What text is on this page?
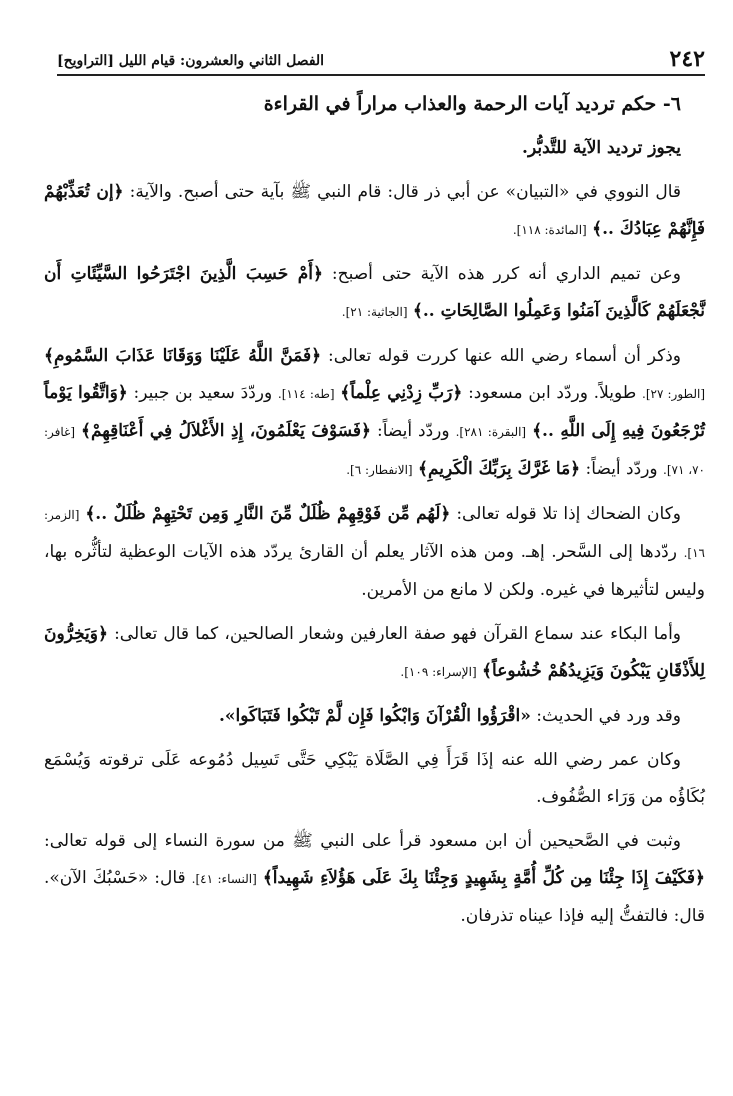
٢٤٢
الفصل الثاني والعشرون: قيام الليل [التراويح]

٦- حكم ترديد آيات الرحمة والعذاب مراراً في القراءة

يجوز ترديد الآية للتَّدبُّر.

قال النووي في «التبيان» عن أبي ذر قال: قام النبي ﷺ بآية حتى أصبح. والآية: ﴿إن تُعَذِّبْهُمْ فَإِنَّهُمْ عِبَادُكَ ..﴾ [المائدة: ١١٨].

وعن تميم الداري أنه كرر هذه الآية حتى أصبح: ﴿أَمْ حَسِبَ الَّذِينَ اجْتَرَحُوا السَّيِّئَاتِ أَن نَّجْعَلَهُمْ كَالَّذِينَ آمَنُوا وَعَمِلُوا الصَّالِحَاتِ ..﴾ [الجاثية: ٢١].

وذكر أن أسماء رضي الله عنها كررت قوله تعالى: ﴿فَمَنَّ اللَّهُ عَلَيْنَا وَوَقَانَا عَذَابَ السَّمُومِ﴾ [الطور: ٢٧]. طويلاً. وردّد ابن مسعود: ﴿رَبِّ زِدْنِي عِلْماً﴾ [طه: ١١٤]. وردّدَ سعيد بن جبير: ﴿وَاتَّقُوا يَوْماً تُرْجَعُونَ فِيهِ إِلَى اللَّهِ ..﴾ [البقرة: ٢٨١]. وردّد أيضاً: ﴿فَسَوْفَ يَعْلَمُونَ، إِذِ الأَغْلاَلُ فِي أَعْنَاقِهِمْ﴾ [غافر: ٧٠، ٧١]. وردّد أيضاً: ﴿مَا غَرَّكَ بِرَبِّكَ الْكَرِيمِ﴾ [الانفطار: ٦].

وكان الضحاك إذا تلا قوله تعالى: ﴿لَهُم مِّن فَوْقِهِمْ ظُلَلٌ مِّنَ النَّارِ وَمِن تَحْتِهِمْ ظُلَلٌ ..﴾ [الزمر: ١٦]. ردّدها إلى السَّحر. إهـ. ومن هذه الآثار يعلم أن القارئ يردّد هذه الآيات الوعظية لتأثُّره بها، وليس لتأثيرها في غيره. ولكن لا مانع من الأمرين.

وأما البكاء عند سماع القرآن فهو صفة العارفين وشعار الصالحين، كما قال تعالى: ﴿وَيَخِرُّونَ لِلأَذْقَانِ يَبْكُونَ وَيَزِيدُهُمْ خُشُوعاً﴾ [الإسراء: ١٠٩].

وقد ورد في الحديث: «اقْرَؤُوا الْقُرْآنَ وَابْكُوا فَإِن لَّمْ تَبْكُوا فَتَبَاكَوا».

وكان عمر رضي الله عنه إذَا قَرَأَ فِي الصَّلَاة يَبْكِي حَتَّى تَسِيل دُمُوعه عَلَى ترقوته وَيُسْمَع بُكَاؤُه من وَرَاء الصُّفُوف.

وثبت في الصَّحيحين أن ابن مسعود قرأ على النبي ﷺ من سورة النساء إلى قوله تعالى: ﴿فَكَيْفَ إِذَا جِئْنَا مِن كُلِّ أُمَّةٍ بِشَهِيدٍ وَجِئْنَا بِكَ عَلَى هَؤُلاَءِ شَهِيداً﴾ [النساء: ٤١]. قال: «حَسْبُكَ الآن». قال: فالتفتُّ إليه فإذا عيناه تذرفان.
